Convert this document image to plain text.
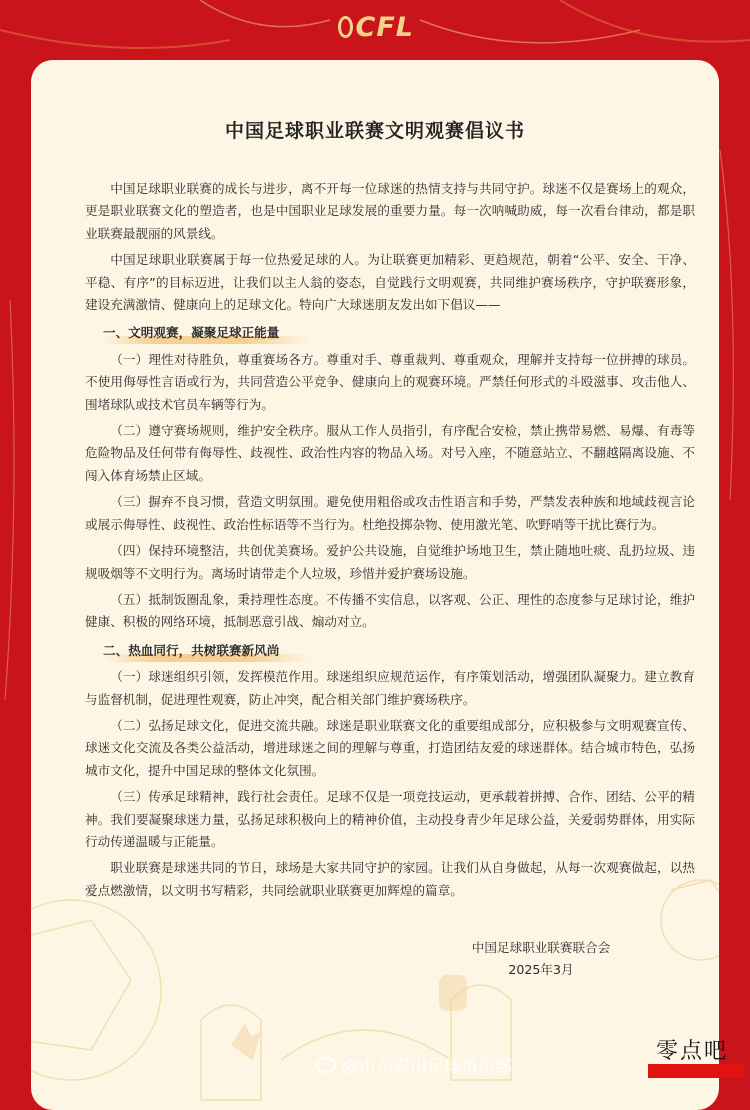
CFL
中国足球职业联赛文明观赛倡议书

中国足球职业联赛的成长与进步，离不开每一位球迷的热情支持与共同守护。球迷不仅是赛场上的观众，更是职业联赛文化的塑造者，也是中国职业足球发展的重要力量。每一次呐喊助威，每一次看台律动，都是职业联赛最靓丽的风景线。

中国足球职业联赛属于每一位热爱足球的人。为让联赛更加精彩、更趋规范，朝着“公平、安全、干净、平稳、有序”的目标迈进，让我们以主人翁的姿态，自觉践行文明观赛，共同维护赛场秩序，守护联赛形象，建设充满激情、健康向上的足球文化。特向广大球迷朋友发出如下倡议——

一、文明观赛，凝聚足球正能量

（一）理性对待胜负，尊重赛场各方。尊重对手、尊重裁判、尊重观众，理解并支持每一位拼搏的球员。不使用侮辱性言语或行为，共同营造公平竞争、健康向上的观赛环境。严禁任何形式的斗殴滋事、攻击他人、围堵球队或技术官员车辆等行为。

（二）遵守赛场规则，维护安全秩序。服从工作人员指引，有序配合安检，禁止携带易燃、易爆、有毒等危险物品及任何带有侮辱性、歧视性、政治性内容的物品入场。对号入座，不随意站立、不翻越隔离设施、不闯入体育场禁止区域。

（三）摒弃不良习惯，营造文明氛围。避免使用粗俗或攻击性语言和手势，严禁发表种族和地域歧视言论或展示侮辱性、歧视性、政治性标语等不当行为。杜绝投掷杂物、使用激光笔、吹野哨等干扰比赛行为。

（四）保持环境整洁，共创优美赛场。爱护公共设施，自觉维护场地卫生，禁止随地吐痰、乱扔垃圾、违规吸烟等不文明行为。离场时请带走个人垃圾，珍惜并爱护赛场设施。

（五）抵制饭圈乱象，秉持理性态度。不传播不实信息，以客观、公正、理性的态度参与足球讨论，维护健康、积极的网络环境，抵制恶意引战、煽动对立。

二、热血同行，共树联赛新风尚

（一）球迷组织引领，发挥模范作用。球迷组织应规范运作，有序策划活动，增强团队凝聚力。建立教育与监督机制，促进理性观赛，防止冲突，配合相关部门维护赛场秩序。

（二）弘扬足球文化，促进交流共融。球迷是职业联赛文化的重要组成部分，应积极参与文明观赛宣传、球迷文化交流及各类公益活动，增进球迷之间的理解与尊重，打造团结友爱的球迷群体。结合城市特色，弘扬城市文化，提升中国足球的整体文化氛围。

（三）传承足球精神，践行社会责任。足球不仅是一项竞技运动，更承载着拼搏、合作、团结、公平的精神。我们要凝聚球迷力量，弘扬足球积极向上的精神价值，主动投身青少年足球公益，关爱弱势群体，用实际行动传递温暖与正能量。

职业联赛是球迷共同的节日，球场是大家共同守护的家园。让我们从自身做起，从每一次观赛做起，以热爱点燃激情，以文明书写精彩，共同绘就职业联赛更加辉煌的篇章。

中国足球职业联赛联合会
2025年3月
@山东泰山足球俱乐部
零点吧
